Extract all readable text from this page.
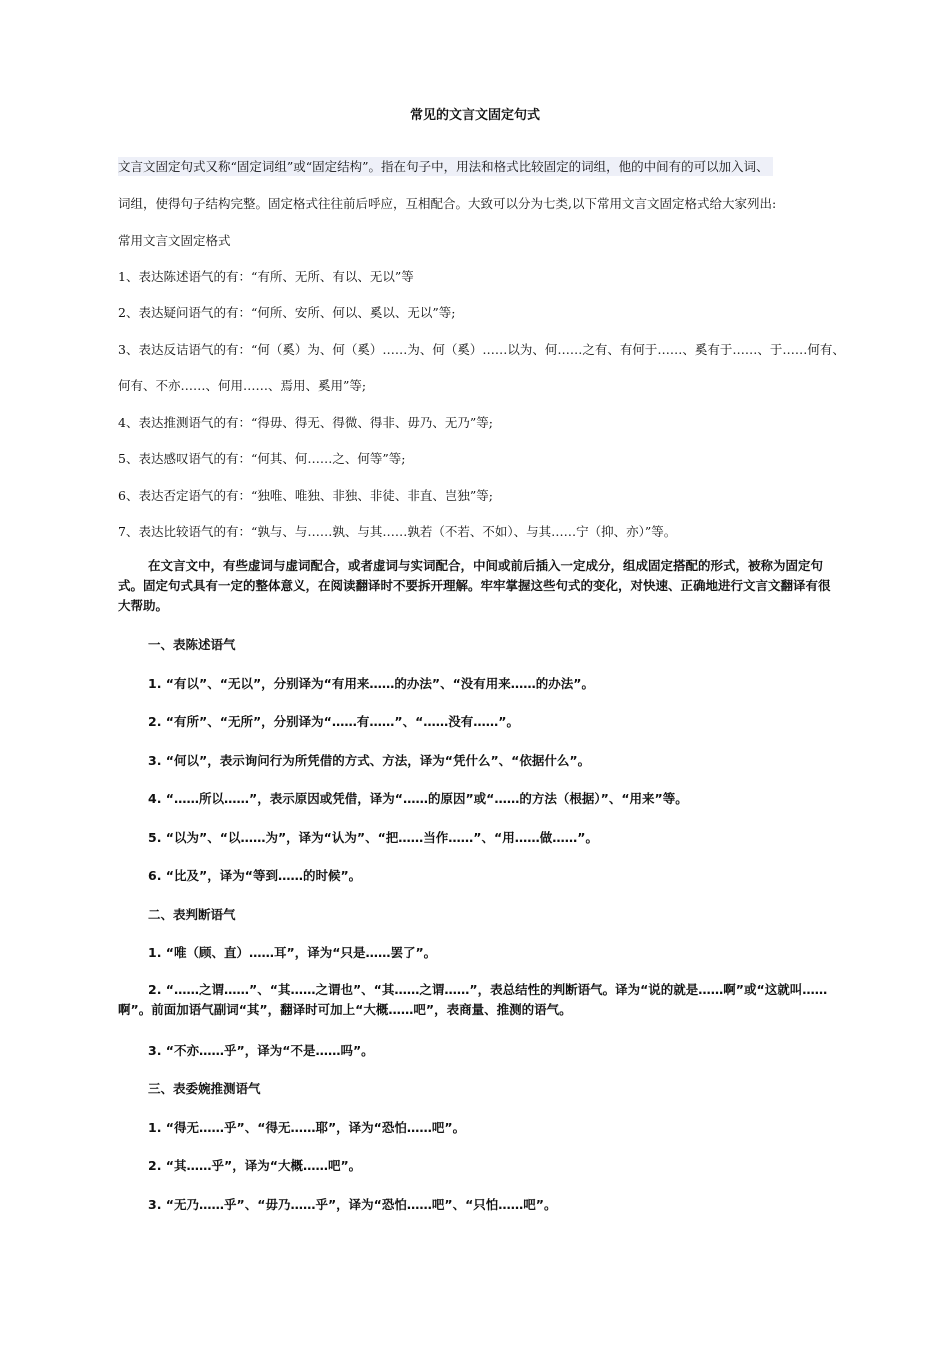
常见的文言文固定句式
文言文固定句式又称“固定词组”或“固定结构”。指在句子中，用法和格式比较固定的词组，他的中间有的可以加入词、
词组，使得句子结构完整。固定格式往往前后呼应，互相配合。大致可以分为七类,以下常用文言文固定格式给大家列出:
常用文言文固定格式
1、表达陈述语气的有：“有所、无所、有以、无以”等
2、表达疑问语气的有：“何所、安所、何以、奚以、无以”等;
3、表达反诘语气的有：“何（奚）为、何（奚）……为、何（奚）……以为、何……之有、有何于……、奚有于……、于……何有、
何有、不亦……、何用……、焉用、奚用”等;
4、表达推测语气的有：“得毋、得无、得微、得非、毋乃、无乃”等;
5、表达感叹语气的有：“何其、何……之、何等”等;
6、表达否定语气的有：“独唯、唯独、非独、非徒、非直、岂独”等;
7、表达比较语气的有：“孰与、与……孰、与其……孰若（不若、不如）、与其……宁（抑、亦）”等。
在文言文中，有些虚词与虚词配合，或者虚词与实词配合，中间或前后插入一定成分，组成固定搭配的形式，被称为固定句式。固定句式具有一定的整体意义，在阅读翻译时不要拆开理解。牢牢掌握这些句式的变化，对快速、正确地进行文言文翻译有很大帮助。
一、表陈述语气
1. “有以”、“无以”，分别译为“有用来……的办法”、“没有用来……的办法”。
2. “有所”、“无所”，分别译为“……有……”、“……没有……”。
3. “何以”，表示询问行为所凭借的方式、方法，译为“凭什么”、“依据什么”。
4. “……所以……”，表示原因或凭借，译为“……的原因”或“……的方法（根据）”、“用来”等。
5. “以为”、“以……为”，译为“认为”、“把……当作……”、“用……做……”。
6. “比及”，译为“等到……的时候”。
二、表判断语气
1. “唯（顾、直）……耳”，译为“只是……罢了”。
2. “……之谓……”、“其……之谓也”、“其……之谓……”，表总结性的判断语气。译为“说的就是……啊”或“这就叫……啊”。前面加语气副词“其”，翻译时可加上“大概……吧”，表商量、推测的语气。
3. “不亦……乎”，译为“不是……吗”。
三、表委婉推测语气
1. “得无……乎”、“得无……耶”，译为“恐怕……吧”。
2. “其……乎”，译为“大概……吧”。
3. “无乃……乎”、“毋乃……乎”，译为“恐怕……吧”、“只怕……吧”。
